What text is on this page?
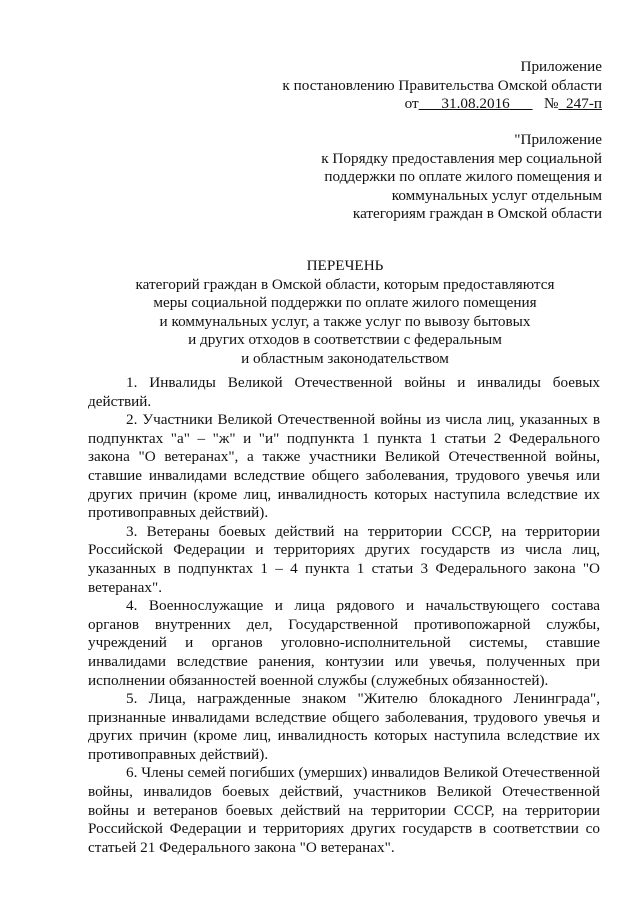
Приложение
к постановлению Правительства Омской области
от 31.08.2016 № 247-п
"Приложение
к Порядку предоставления мер социальной
поддержки по оплате жилого помещения и
коммунальных услуг отдельным
категориям граждан в Омской области
ПЕРЕЧЕНЬ
категорий граждан в Омской области, которым предоставляются
меры социальной поддержки по оплате жилого помещения
и коммунальных услуг, а также услуг по вывозу бытовых
и других отходов в соответствии с федеральным
и областным законодательством

1. Инвалиды Великой Отечественной войны и инвалиды боевых действий.

2. Участники Великой Отечественной войны из числа лиц, указанных в подпунктах "а" – "ж" и "и" подпункта 1 пункта 1 статьи 2 Федерального закона "О ветеранах", а также участники Великой Отечественной войны, ставшие инвалидами вследствие общего заболевания, трудового увечья или других причин (кроме лиц, инвалидность которых наступила вследствие их противоправных действий).

3. Ветераны боевых действий на территории СССР, на территории Российской Федерации и территориях других государств из числа лиц, указанных в подпунктах 1 – 4 пункта 1 статьи 3 Федерального закона "О ветеранах".

4. Военнослужащие и лица рядового и начальствующего состава органов внутренних дел, Государственной противопожарной службы, учреждений и органов уголовно-исполнительной системы, ставшие инвалидами вследствие ранения, контузии или увечья, полученных при исполнении обязанностей военной службы (служебных обязанностей).

5. Лица, награжденные знаком "Жителю блокадного Ленинграда", признанные инвалидами вследствие общего заболевания, трудового увечья и других причин (кроме лиц, инвалидность которых наступила вследствие их противоправных действий).

6. Члены семей погибших (умерших) инвалидов Великой Отечественной войны, инвалидов боевых действий, участников Великой Отечественной войны и ветеранов боевых действий на территории СССР, на территории Российской Федерации и территориях других государств в соответствии со статьей 21 Федерального закона "О ветеранах".
